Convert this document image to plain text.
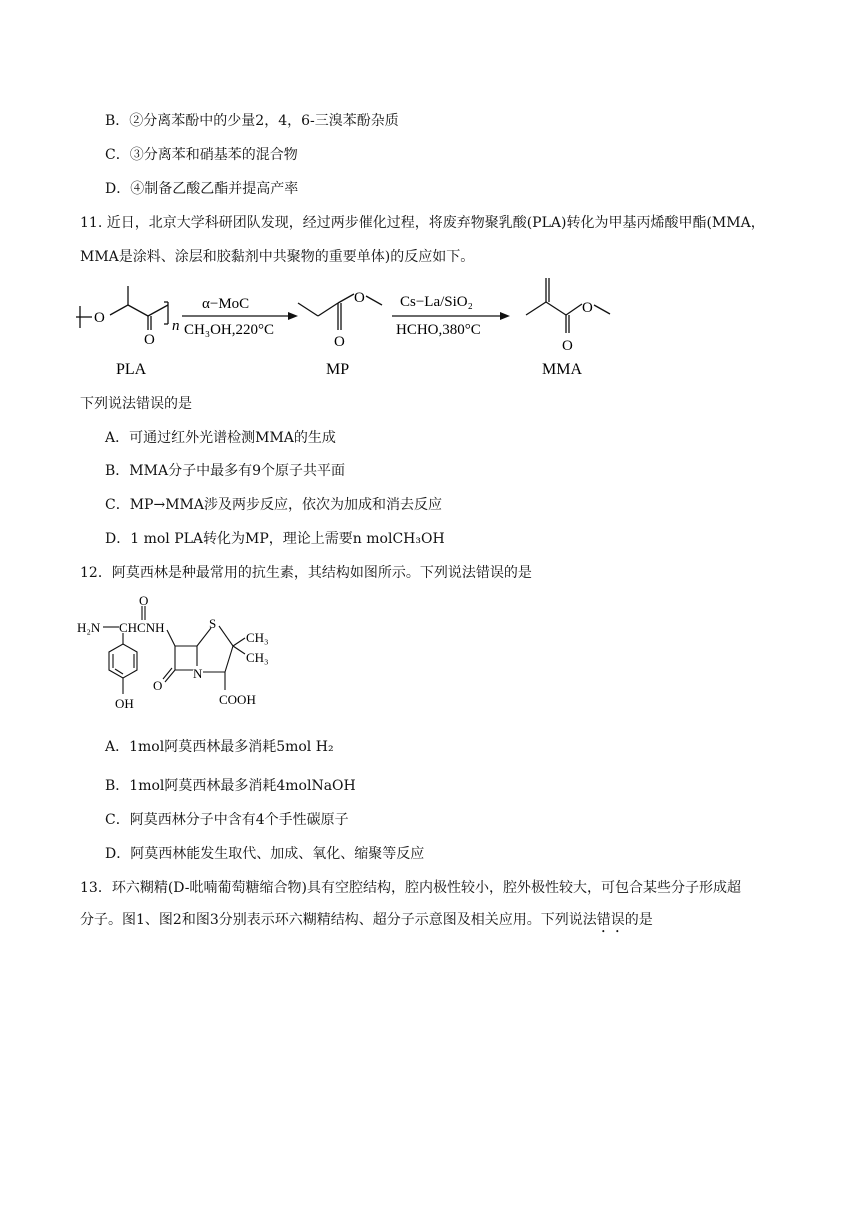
B．②分离苯酚中的少量2，4，6-三溴苯酚杂质
C．③分离苯和硝基苯的混合物
D．④制备乙酸乙酯并提高产率
11. 近日，北京大学科研团队发现，经过两步催化过程，将废弃物聚乳酸(PLA)转化为甲基丙烯酸甲酯(MMA，
MMA是涂料、涂层和胶黏剂中共聚物的重要单体)的反应如下。
O
O
n
α−MoC
CH₃OH,220°C
O
O
Cs−La/SiO₂
HCHO,380°C
O
O
PLA	MP	MMA
下列说法错误的是
A．可通过红外光谱检测MMA的生成
B．MMA分子中最多有9个原子共平面
C．MP→MMA涉及两步反应，依次为加成和消去反应
D．1 mol PLA转化为MP，理论上需要n molCH₃OH
12．阿莫西林是种最常用的抗生素，其结构如图所示。下列说法错误的是
H₂N CHCNH
O
S
N
CH₃
CH₃
O
COOH
OH
A．1mol阿莫西林最多消耗5mol H₂
B．1mol阿莫西林最多消耗4molNaOH
C．阿莫西林分子中含有4个手性碳原子
D．阿莫西林能发生取代、加成、氧化、缩聚等反应
13．环六糊精(D-吡喃葡萄糖缩合物)具有空腔结构，腔内极性较小，腔外极性较大，可包合某些分子形成超
分子。图1、图2和图3分别表示环六糊精结构、超分子示意图及相关应用。下列说法错误的是
